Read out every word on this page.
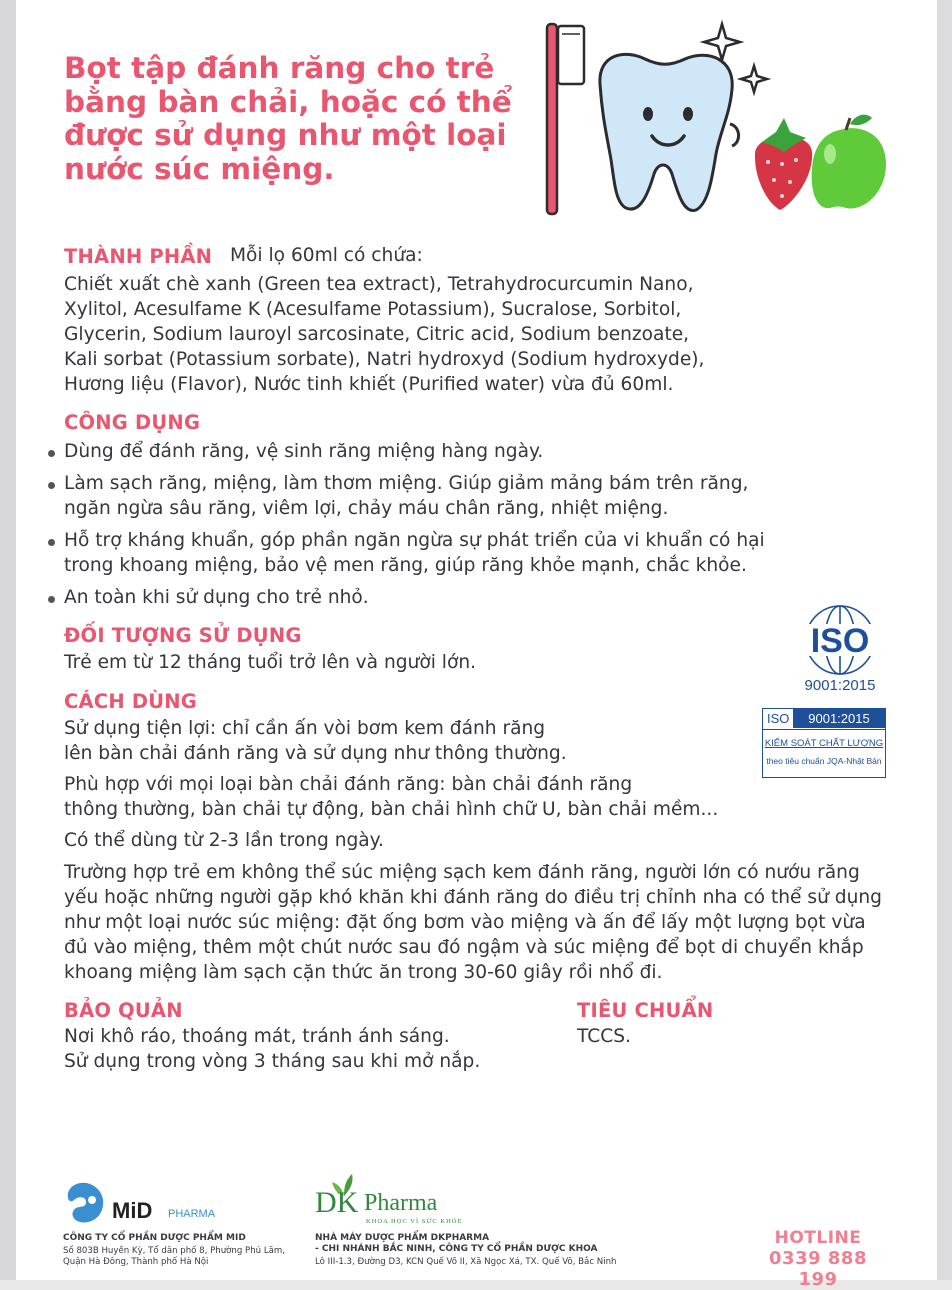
Bọt tập đánh răng cho trẻ bằng bàn chải, hoặc có thể được sử dụng như một loại nước súc miệng.
THÀNH PHẦN Mỗi lọ 60ml có chứa:
Chiết xuất chè xanh (Green tea extract), Tetrahydrocurcumin Nano,
Xylitol, Acesulfame K (Acesulfame Potassium), Sucralose, Sorbitol,
Glycerin, Sodium lauroyl sarcosinate, Citric acid, Sodium benzoate,
Kali sorbat (Potassium sorbate), Natri hydroxyd (Sodium hydroxyde),
Hương liệu (Flavor), Nước tinh khiết (Purified water) vừa đủ 60ml.
CÔNG DỤNG
Dùng để đánh răng, vệ sinh răng miệng hàng ngày.
Làm sạch răng, miệng, làm thơm miệng. Giúp giảm mảng bám trên răng,
ngăn ngừa sâu răng, viêm lợi, chảy máu chân răng, nhiệt miệng.
Hỗ trợ kháng khuẩn, góp phần ngăn ngừa sự phát triển của vi khuẩn có hại
trong khoang miệng, bảo vệ men răng, giúp răng khỏe mạnh, chắc khỏe.
An toàn khi sử dụng cho trẻ nhỏ.
ĐỐI TƯỢNG SỬ DỤNG
Trẻ em từ 12 tháng tuổi trở lên và người lớn.
CÁCH DÙNG
Sử dụng tiện lợi: chỉ cần ấn vòi bơm kem đánh răng
lên bàn chải đánh răng và sử dụng như thông thường.
Phù hợp với mọi loại bàn chải đánh răng: bàn chải đánh răng
thông thường, bàn chải tự động, bàn chải hình chữ U, bàn chải mềm...
Có thể dùng từ 2-3 lần trong ngày.
Trường hợp trẻ em không thể súc miệng sạch kem đánh răng, người lớn có nướu răng
yếu hoặc những người gặp khó khăn khi đánh răng do điều trị chỉnh nha có thể sử dụng
như một loại nước súc miệng: đặt ống bơm vào miệng và ấn để lấy một lượng bọt vừa
đủ vào miệng, thêm một chút nước sau đó ngậm và súc miệng để bọt di chuyển khắp
khoang miệng làm sạch cặn thức ăn trong 30-60 giây rồi nhổ đi.
BẢO QUẢN
Nơi khô ráo, thoáng mát, tránh ánh sáng.
Sử dụng trong vòng 3 tháng sau khi mở nắp.
TIÊU CHUẨN
TCCS.
ISO
9001:2015
ISO	9001:2015
KIỂM SOÁT CHẤT LƯỢNG
theo tiêu chuẩn JQA-Nhật Bản
MiD PHARMA
CÔNG TY CỔ PHẦN DƯỢC PHẨM MID
Số 803B Huyền Kỳ, Tổ dân phố 8, Phường Phú Lãm,
Quận Hà Đông, Thành phố Hà Nội
DK Pharma
KHOA HỌC VÌ SỨC KHỎE
NHÀ MÁY DƯỢC PHẨM DKPHARMA
- CHI NHÁNH BẮC NINH, CÔNG TY CỔ PHẦN DƯỢC KHOA
Lô III-1.3, Đường D3, KCN Quế Võ II, Xã Ngọc Xá, TX. Quế Võ, Bắc Ninh
HOTLINE
0339 888 199
